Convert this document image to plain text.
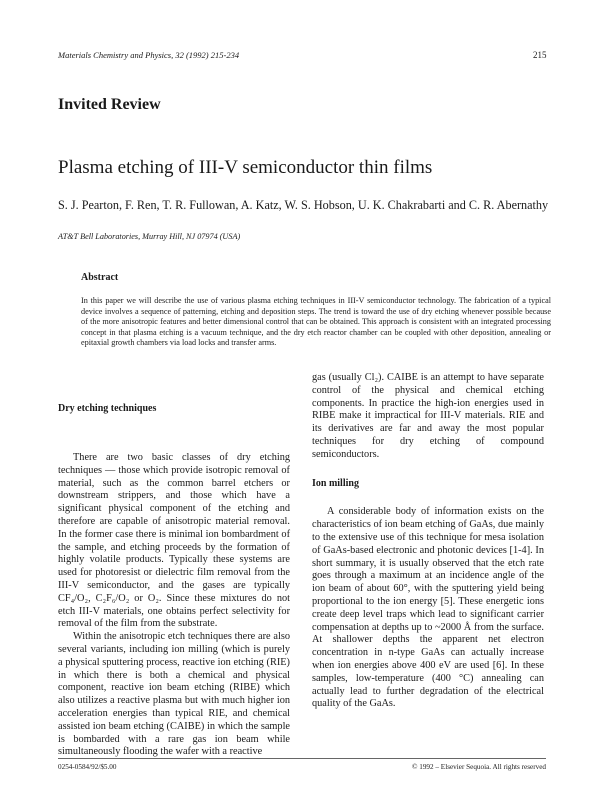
Materials Chemistry and Physics, 32 (1992) 215-234	215
Invited Review
Plasma etching of III-V semiconductor thin films
S. J. Pearton, F. Ren, T. R. Fullowan, A. Katz, W. S. Hobson, U. K. Chakrabarti and C. R. Abernathy
AT&T Bell Laboratories, Murray Hill, NJ 07974 (USA)
Abstract
In this paper we will describe the use of various plasma etching techniques in III-V semiconductor technology. The fabrication of a typical device involves a sequence of patterning, etching and deposition steps. The trend is toward the use of dry etching whenever possible because of the more anisotropic features and better dimensional control that can be obtained. This approach is consistent with an integrated processing concept in that plasma etching is a vacuum technique, and the dry etch reactor chamber can be coupled with other deposition, annealing or epitaxial growth chambers via load locks and transfer arms.
Dry etching techniques

There are two basic classes of dry etching techniques — those which provide isotropic removal of material, such as the common barrel etchers or downstream strippers, and those which have a significant physical component of the etching and therefore are capable of anisotropic material removal. In the former case there is minimal ion bombardment of the sample, and etching proceeds by the formation of highly volatile products. Typically these systems are used for photoresist or dielectric film removal from the III-V semiconductor, and the gases are typically CF₄/O₂, C₂F₆/O₂ or O₂. Since these mixtures do not etch III-V materials, one obtains perfect selectivity for removal of the film from the substrate.

Within the anisotropic etch techniques there are also several variants, including ion milling (which is purely a physical sputtering process, reactive ion etching (RIE) in which there is both a chemical and physical component, reactive ion beam etching (RIBE) which also utilizes a reactive plasma but with much higher ion acceleration energies than typical RIE, and chemical assisted ion beam etching (CAIBE) in which the sample is bombarded with a rare gas ion beam while simultaneously flooding the wafer with a reactive

gas (usually Cl₂). CAIBE is an attempt to have separate control of the physical and chemical etching components. In practice the high-ion energies used in RIBE make it impractical for III-V materials. RIE and its derivatives are far and away the most popular techniques for dry etching of compound semiconductors.

Ion milling

A considerable body of information exists on the characteristics of ion beam etching of GaAs, due mainly to the extensive use of this technique for mesa isolation of GaAs-based electronic and photonic devices [1-4]. In short summary, it is usually observed that the etch rate goes through a maximum at an incidence angle of the ion beam of about 60°, with the sputtering yield being proportional to the ion energy [5]. These energetic ions create deep level traps which lead to significant carrier compensation at depths up to ~2000 Å from the surface. At shallower depths the apparent net electron concentration in n-type GaAs can actually increase when ion energies above 400 eV are used [6]. In these samples, low-temperature (400 °C) annealing can actually lead to further degradation of the electrical quality of the GaAs.

0254-0584/92/$5.00	© 1992 – Elsevier Sequoia. All rights reserved
